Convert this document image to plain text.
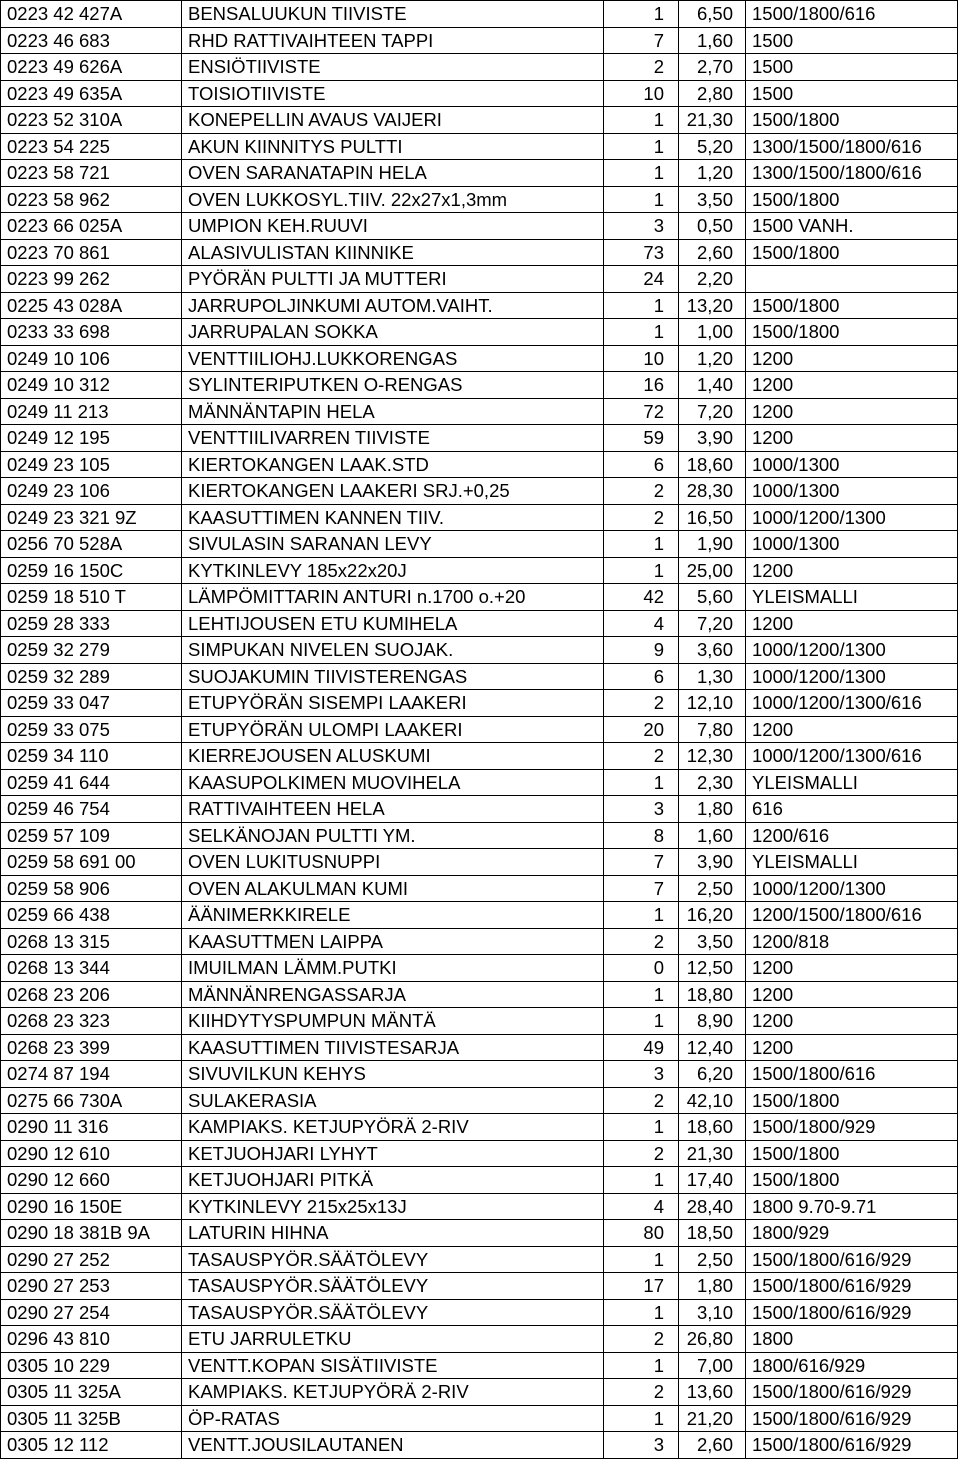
0223 42 427A	BENSALUUKUN TIIVISTE	1	6,50	1500/1800/616
0223 46 683	RHD RATTIVAIHTEEN TAPPI	7	1,60	1500
0223 49 626A	ENSIÖTIIVISTE	2	2,70	1500
0223 49 635A	TOISIOTIIVISTE	10	2,80	1500
0223 52 310A	KONEPELLIN AVAUS VAIJERI	1	21,30	1500/1800
0223 54 225	AKUN KIINNITYS PULTTI	1	5,20	1300/1500/1800/616
0223 58 721	OVEN SARANATAPIN HELA	1	1,20	1300/1500/1800/616
0223 58 962	OVEN LUKKOSYL.TIIV. 22x27x1,3mm	1	3,50	1500/1800
0223 66 025A	UMPION KEH.RUUVI	3	0,50	1500 VANH.
0223 70 861	ALASIVULISTAN KIINNIKE	73	2,60	1500/1800
0223 99 262	PYÖRÄN PULTTI JA MUTTERI	24	2,20	
0225 43 028A	JARRUPOLJINKUMI AUTOM.VAIHT.	1	13,20	1500/1800
0233 33 698	JARRUPALAN SOKKA	1	1,00	1500/1800
0249 10 106	VENTTIILIOHJ.LUKKORENGAS	10	1,20	1200
0249 10 312	SYLINTERIPUTKEN O-RENGAS	16	1,40	1200
0249 11 213	MÄNNÄNTAPIN HELA	72	7,20	1200
0249 12 195	VENTTIILIVARREN TIIVISTE	59	3,90	1200
0249 23 105	KIERTOKANGEN LAAK.STD	6	18,60	1000/1300
0249 23 106	KIERTOKANGEN LAAKERI SRJ.+0,25	2	28,30	1000/1300
0249 23 321 9Z	KAASUTTIMEN KANNEN TIIV.	2	16,50	1000/1200/1300
0256 70 528A	SIVULASIN SARANAN LEVY	1	1,90	1000/1300
0259 16 150C	KYTKINLEVY 185x22x20J	1	25,00	1200
0259 18 510 T	LÄMPÖMITTARIN ANTURI n.1700 o.+20	42	5,60	YLEISMALLI
0259 28 333	LEHTIJOUSEN ETU KUMIHELA	4	7,20	1200
0259 32 279	SIMPUKAN NIVELEN SUOJAK.	9	3,60	1000/1200/1300
0259 32 289	SUOJAKUMIN TIIVISTERENGAS	6	1,30	1000/1200/1300
0259 33 047	ETUPYÖRÄN SISEMPI LAAKERI	2	12,10	1000/1200/1300/616
0259 33 075	ETUPYÖRÄN ULOMPI LAAKERI	20	7,80	1200
0259 34 110	KIERREJOUSEN ALUSKUMI	2	12,30	1000/1200/1300/616
0259 41 644	KAASUPOLKIMEN MUOVIHELA	1	2,30	YLEISMALLI
0259 46 754	RATTIVAIHTEEN HELA	3	1,80	616
0259 57 109	SELKÄNOJAN PULTTI YM.	8	1,60	1200/616
0259 58 691 00	OVEN LUKITUSNUPPI	7	3,90	YLEISMALLI
0259 58 906	OVEN ALAKULMAN KUMI	7	2,50	1000/1200/1300
0259 66 438	ÄÄNIMERKKIRELE	1	16,20	1200/1500/1800/616
0268 13 315	KAASUTTMEN LAIPPA	2	3,50	1200/818
0268 13 344	IMUILMAN LÄMM.PUTKI	0	12,50	1200
0268 23 206	MÄNNÄNRENGASSARJA	1	18,80	1200
0268 23 323	KIIHDYTYSPUMPUN MÄNTÄ	1	8,90	1200
0268 23 399	KAASUTTIMEN TIIVISTESARJA	49	12,40	1200
0274 87 194	SIVUVILKUN KEHYS	3	6,20	1500/1800/616
0275 66 730A	SULAKERASIA	2	42,10	1500/1800
0290 11 316	KAMPIAKS. KETJUPYÖRÄ 2-RIV	1	18,60	1500/1800/929
0290 12 610	KETJUOHJARI LYHYT	2	21,30	1500/1800
0290 12 660	KETJUOHJARI PITKÄ	1	17,40	1500/1800
0290 16 150E	KYTKINLEVY 215x25x13J	4	28,40	1800 9.70-9.71
0290 18 381B 9A	LATURIN HIHNA	80	18,50	1800/929
0290 27 252	TASAUSPYÖR.SÄÄTÖLEVY	1	2,50	1500/1800/616/929
0290 27 253	TASAUSPYÖR.SÄÄTÖLEVY	17	1,80	1500/1800/616/929
0290 27 254	TASAUSPYÖR.SÄÄTÖLEVY	1	3,10	1500/1800/616/929
0296 43 810	ETU JARRULETKU	2	26,80	1800
0305 10 229	VENTT.KOPAN SISÄTIIVISTE	1	7,00	1800/616/929
0305 11 325A	KAMPIAKS. KETJUPYÖRÄ 2-RIV	2	13,60	1500/1800/616/929
0305 11 325B	ÖP-RATAS	1	21,20	1500/1800/616/929
0305 12 112	VENTT.JOUSILAUTANEN	3	2,60	1500/1800/616/929
